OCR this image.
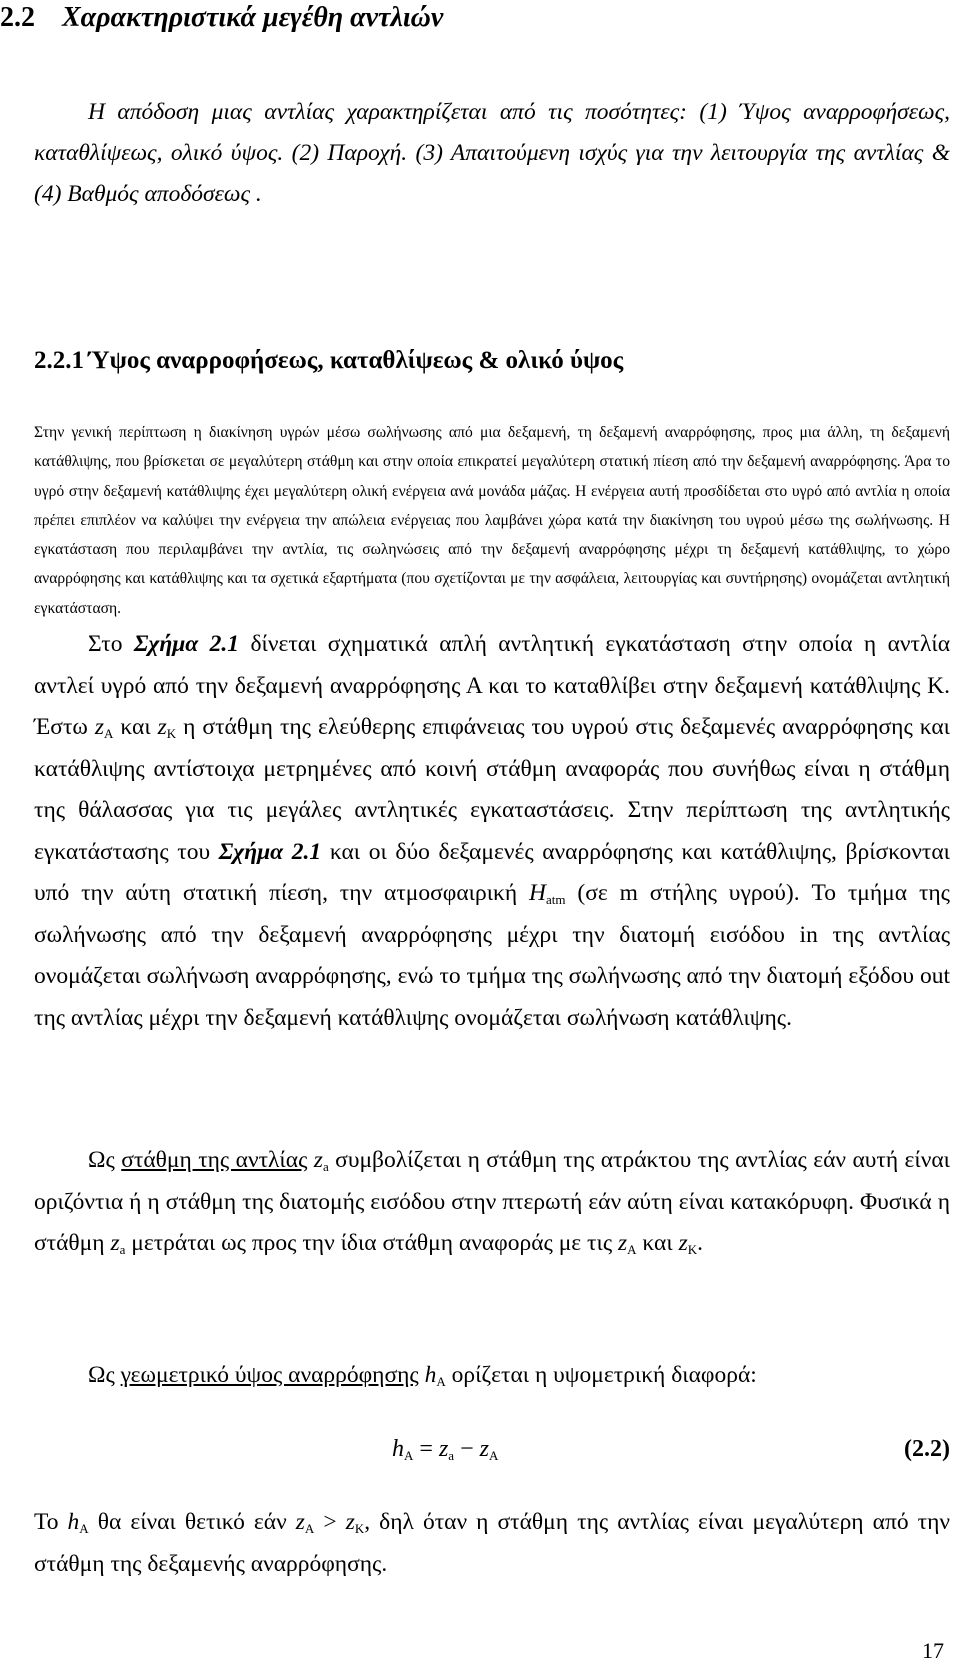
2.2 Χαρακτηριστικά μεγέθη αντλιών
Η απόδοση μιας αντλίας χαρακτηρίζεται από τις ποσότητες: (1) Ύψος αναρροφήσεως, καταθλίψεως, ολικό ύψος. (2) Παροχή. (3) Απαιτούμενη ισχύς για την λειτουργία της αντλίας & (4) Βαθμός αποδόσεως .
2.2.1 Ύψος αναρροφήσεως, καταθλίψεως & ολικό ύψος
Στην γενική περίπτωση η διακίνηση υγρών μέσω σωλήνωσης από μια δεξαμενή, τη δεξαμενή αναρρόφησης, προς μια άλλη, τη δεξαμενή κατάθλιψης, που βρίσκεται σε μεγαλύτερη στάθμη και στην οποία επικρατεί μεγαλύτερη στατική πίεση από την δεξαμενή αναρρόφησης. Άρα το υγρό στην δεξαμενή κατάθλιψης έχει μεγαλύτερη ολική ενέργεια ανά μονάδα μάζας. Η ενέργεια αυτή προσδίδεται στο υγρό από αντλία η οποία πρέπει επιπλέον να καλύψει την ενέργεια την απώλεια ενέργειας που λαμβάνει χώρα κατά την διακίνηση του υγρού μέσω της σωλήνωσης. Η εγκατάσταση που περιλαμβάνει την αντλία, τις σωληνώσεις από την δεξαμενή αναρρόφησης μέχρι τη δεξαμενή κατάθλιψης, το χώρο αναρρόφησης και κατάθλιψης και τα σχετικά εξαρτήματα (που σχετίζονται με την ασφάλεια, λειτουργίας και συντήρησης) ονομάζεται αντλητική εγκατάσταση.
Στο Σχήμα 2.1 δίνεται σχηματικά απλή αντλητική εγκατάσταση στην οποία η αντλία αντλεί υγρό από την δεξαμενή αναρρόφησης Α και το καταθλίβει στην δεξαμενή κατάθλιψης Κ. Έστω $z_A$ και $z_K$ η στάθμη της ελεύθερης επιφάνειας του υγρού στις δεξαμενές αναρρόφησης και κατάθλιψης αντίστοιχα μετρημένες από κοινή στάθμη αναφοράς που συνήθως είναι η στάθμη της θάλασσας για τις μεγάλες αντλητικές εγκαταστάσεις. Στην περίπτωση της αντλητικής εγκατάστασης του Σχήμα 2.1 και οι δύο δεξαμενές αναρρόφησης και κατάθλιψης, βρίσκονται υπό την αύτη στατική πίεση, την ατμοσφαιρική $H_{atm}$ (σε m στήλης υγρού). Το τμήμα της σωλήνωσης από την δεξαμενή αναρρόφησης μέχρι την διατομή εισόδου in της αντλίας ονομάζεται σωλήνωση αναρρόφησης, ενώ το τμήμα της σωλήνωσης από την διατομή εξόδου out της αντλίας μέχρι την δεξαμενή κατάθλιψης ονομάζεται σωλήνωση κατάθλιψης.
Ως στάθμη της αντλίας $z_a$ συμβολίζεται η στάθμη της ατράκτου της αντλίας εάν αυτή είναι οριζόντια ή η στάθμη της διατομής εισόδου στην πτερωτή εάν αύτη είναι κατακόρυφη. Φυσικά η στάθμη $z_a$ μετράται ως προς την ίδια στάθμη αναφοράς με τις $z_A$ και $z_K$.
Ως γεωμετρικό ύψος αναρρόφησης $h_A$ ορίζεται η υψομετρική διαφορά:
$h_A = z_a - z_A$	(2.2)
Το $h_A$ θα είναι θετικό εάν $z_A > z_K$, δηλ όταν η στάθμη της αντλίας είναι μεγαλύτερη από την στάθμη της δεξαμενής αναρρόφησης.
17
